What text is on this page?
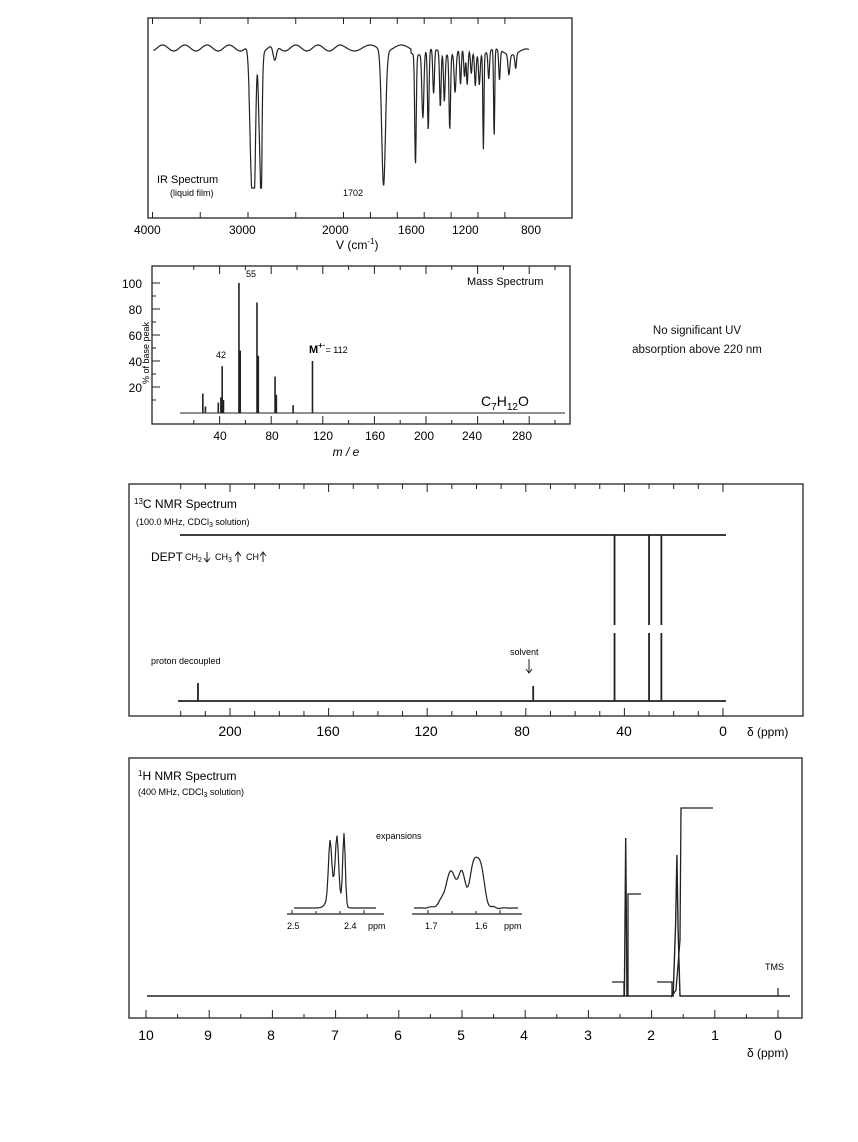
IR Spectrum
(liquid film)	1702
4000	3000	2000	1600 1200	800
V $(cm^{-1})$
Mass Spectrum
% of base peak
55
42	$M^{+\cdot}_{= 112}$
$C_7H_{12}O$
100
80
60
40
20
40	80	120	160 200 240 280
m / e
$^{13}$C NMR Spectrum
(100.0 MHz, CDCl$_3$ solution)
DEPT $CH_2$ $CH_3$ CH
proton decoupled
solvent
200	160	120	80	40	0 δ (ppm)
$^1$H NMR Spectrum
(400 MHz, CDCl$_3$ solution)
expansions
2.5	2.4 ppm	1.7	1.6 ppm
TMS
10	9	8	7	6	5	4	3	2	1	0
δ (ppm)
No significant UV
absorption above 220 nm
